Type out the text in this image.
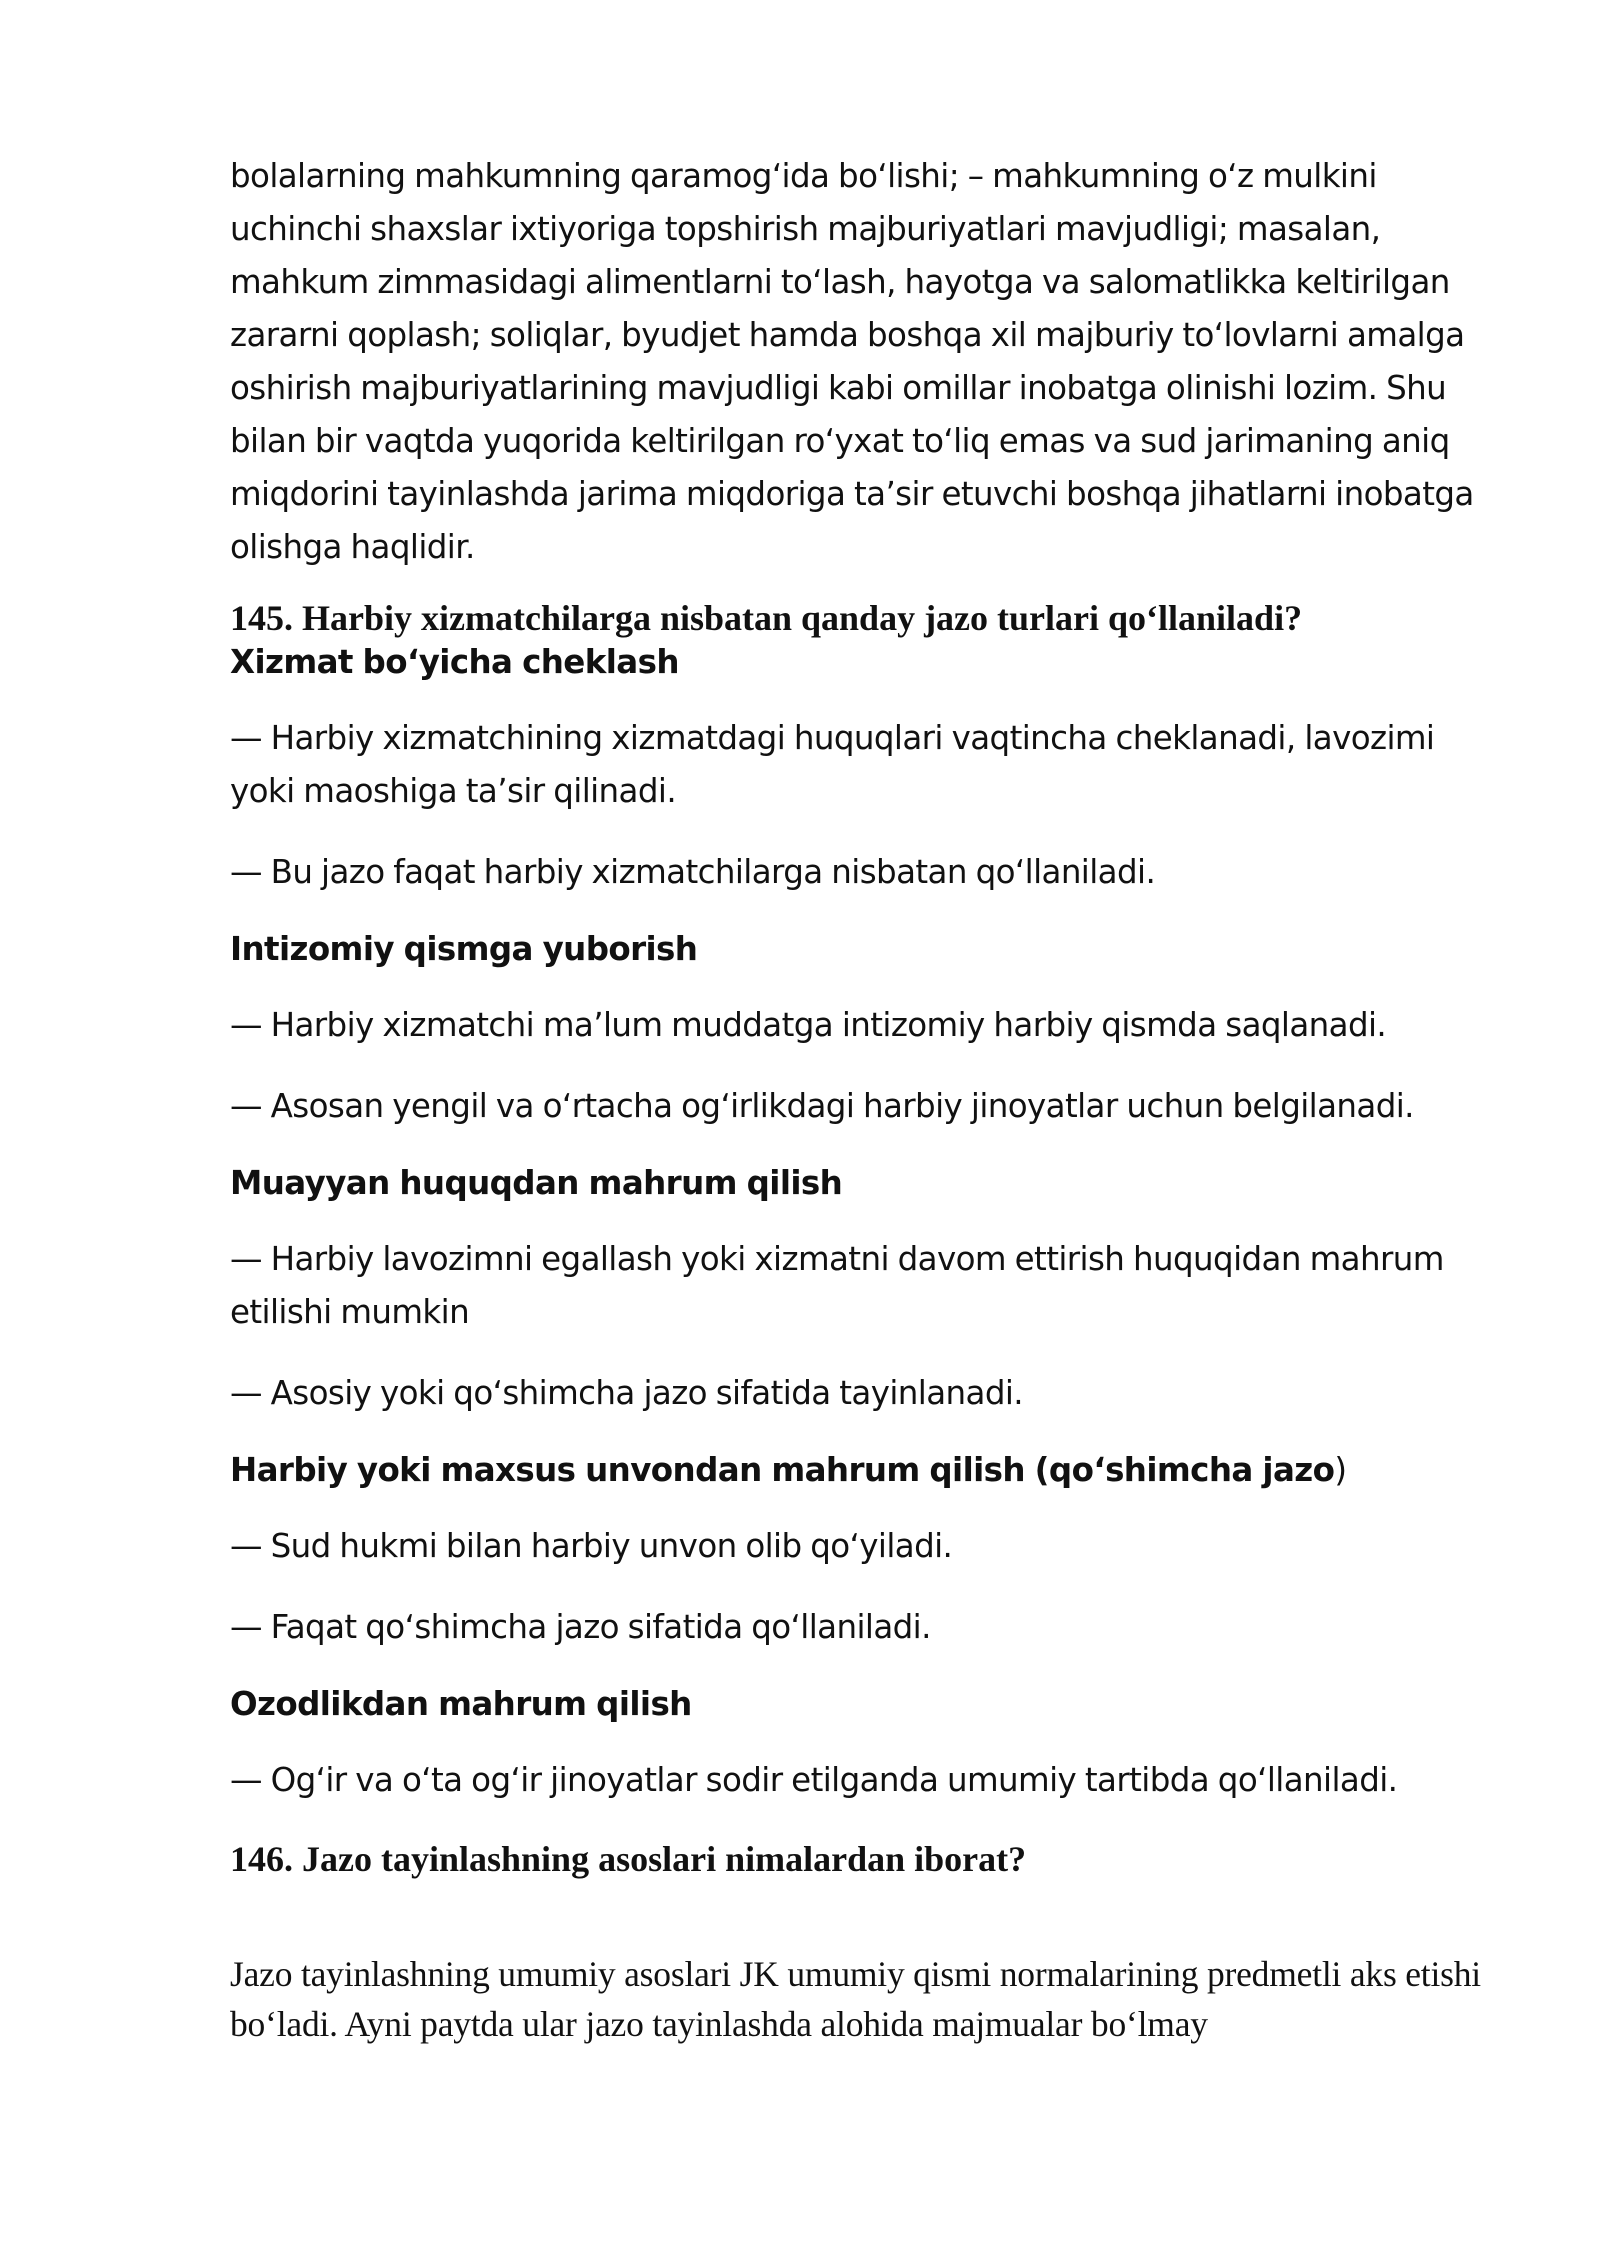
bolalarning mahkumning qaramogʻida boʻlishi; – mahkumning oʻz mulkini uchinchi shaxslar ixtiyoriga topshirish majburiyatlari mavjudligi; masalan, mahkum zimmasidagi alimentlarni toʻlash, hayotga va salomatlikka keltirilgan zararni qoplash; soliqlar, byudjet hamda boshqa xil majburiy toʻlovlarni amalga oshirish majburiyatlarining mavjudligi kabi omillar inobatga olinishi lozim. Shu bilan bir vaqtda yuqorida keltirilgan roʻyxat toʻliq emas va sud jarimaning aniq miqdorini tayinlashda jarima miqdoriga ta’sir etuvchi boshqa jihatlarni inobatga olishga haqlidir.

145. Harbiy xizmatchilarga nisbatan qanday jazo turlari qoʻllaniladi?
Xizmat boʻyicha cheklash

— Harbiy xizmatchining xizmatdagi huquqlari vaqtincha cheklanadi, lavozimi yoki maoshiga ta’sir qilinadi.

— Bu jazo faqat harbiy xizmatchilarga nisbatan qoʻllaniladi.

Intizomiy qismga yuborish

— Harbiy xizmatchi ma’lum muddatga intizomiy harbiy qismda saqlanadi.

— Asosan yengil va oʻrtacha ogʻirlikdagi harbiy jinoyatlar uchun belgilanadi.

Muayyan huquqdan mahrum qilish

— Harbiy lavozimni egallash yoki xizmatni davom ettirish huquqidan mahrum etilishi mumkin

— Asosiy yoki qoʻshimcha jazo sifatida tayinlanadi.

Harbiy yoki maxsus unvondan mahrum qilish (qoʻshimcha jazo)

— Sud hukmi bilan harbiy unvon olib qoʻyiladi.

— Faqat qoʻshimcha jazo sifatida qoʻllaniladi.

Ozodlikdan mahrum qilish

— Ogʻir va oʻta ogʻir jinoyatlar sodir etilganda umumiy tartibda qoʻllaniladi.

146. Jazo tayinlashning asoslari nimalardan iborat?

Jazo tayinlashning umumiy asoslari JK umumiy qismi normalarining predmetli aks etishi boʻladi. Ayni paytda ular jazo tayinlashda alohida majmualar boʻlmay
